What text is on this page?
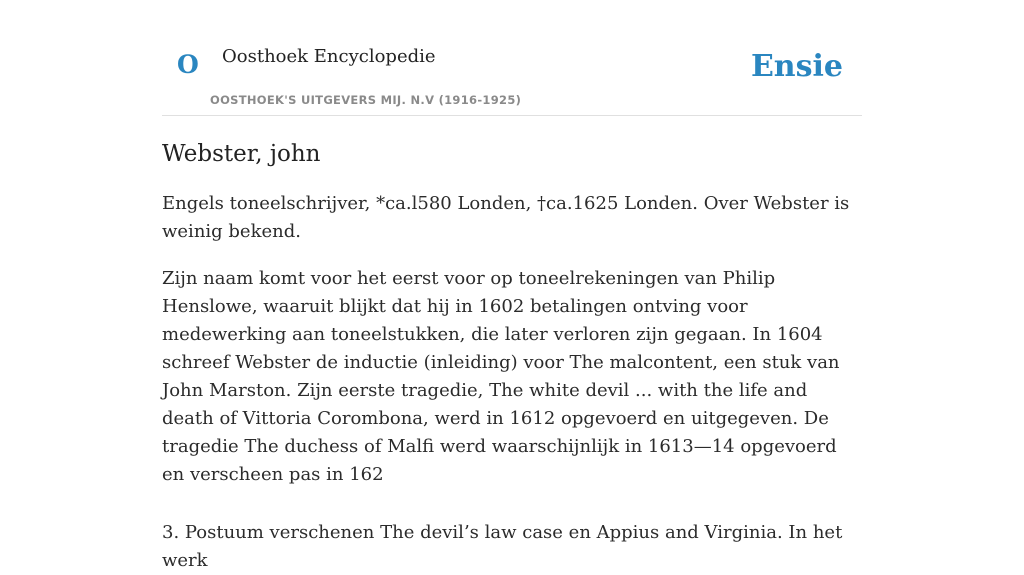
O Oosthoek Encyclopedie
OOSTHOEK'S UITGEVERS MIJ. N.V (1916-1925)
Ensie
Webster, john

Engels toneelschrijver, *ca.l580 Londen, †ca.1625 Londen. Over Webster is weinig bekend.

Zijn naam komt voor het eerst voor op toneelrekeningen van Philip Henslowe, waaruit blijkt dat hij in 1602 betalingen ontving voor medewerking aan toneelstukken, die later verloren zijn gegaan. In 1604 schreef Webster de inductie (inleiding) voor The malcontent, een stuk van John Marston. Zijn eerste tragedie, The white devil ... with the life and death of Vittoria Corombona, werd in 1612 opgevoerd en uitgegeven. De tragedie The duchess of Malfi werd waarschijnlijk in 1613—14 opgevoerd en verscheen pas in 162

3. Postuum verschenen The devil’s law case en Appius and Virginia. In het werk
